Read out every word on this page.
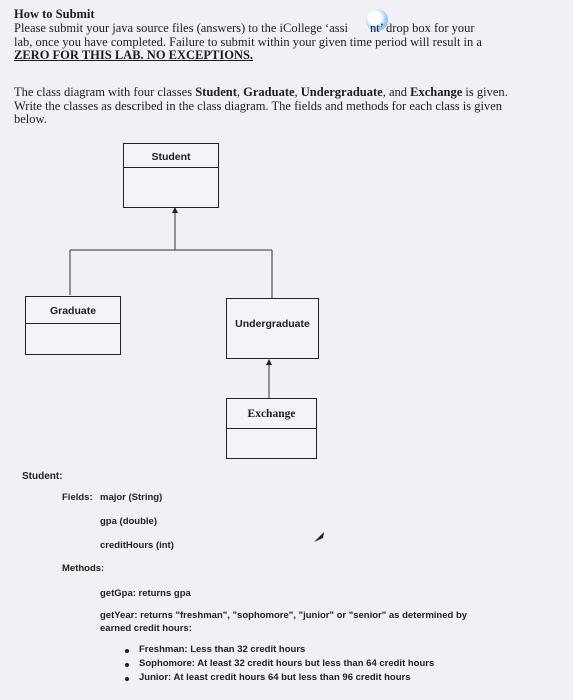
How to Submit
Please submit your java source files (answers) to the iCollege ‘assi nt’ drop box for your
lab, once you have completed. Failure to submit within your given time period will result in a
ZERO FOR THIS LAB. NO EXCEPTIONS.
The class diagram with four classes Student, Graduate, Undergraduate, and Exchange is given. Write the classes as described in the class diagram. The fields and methods for each class is given below.
Student
Graduate
Undergraduate
Exchange
Student:
Fields: major (String)
gpa (double)
creditHours (int)
Methods:
getGpa: returns gpa
getYear: returns "freshman", "sophomore", "junior" or "senior" as determined by
earned credit hours:
Freshman: Less than 32 credit hours
Sophomore: At least 32 credit hours but less than 64 credit hours
Junior: At least credit hours 64 but less than 96 credit hours
